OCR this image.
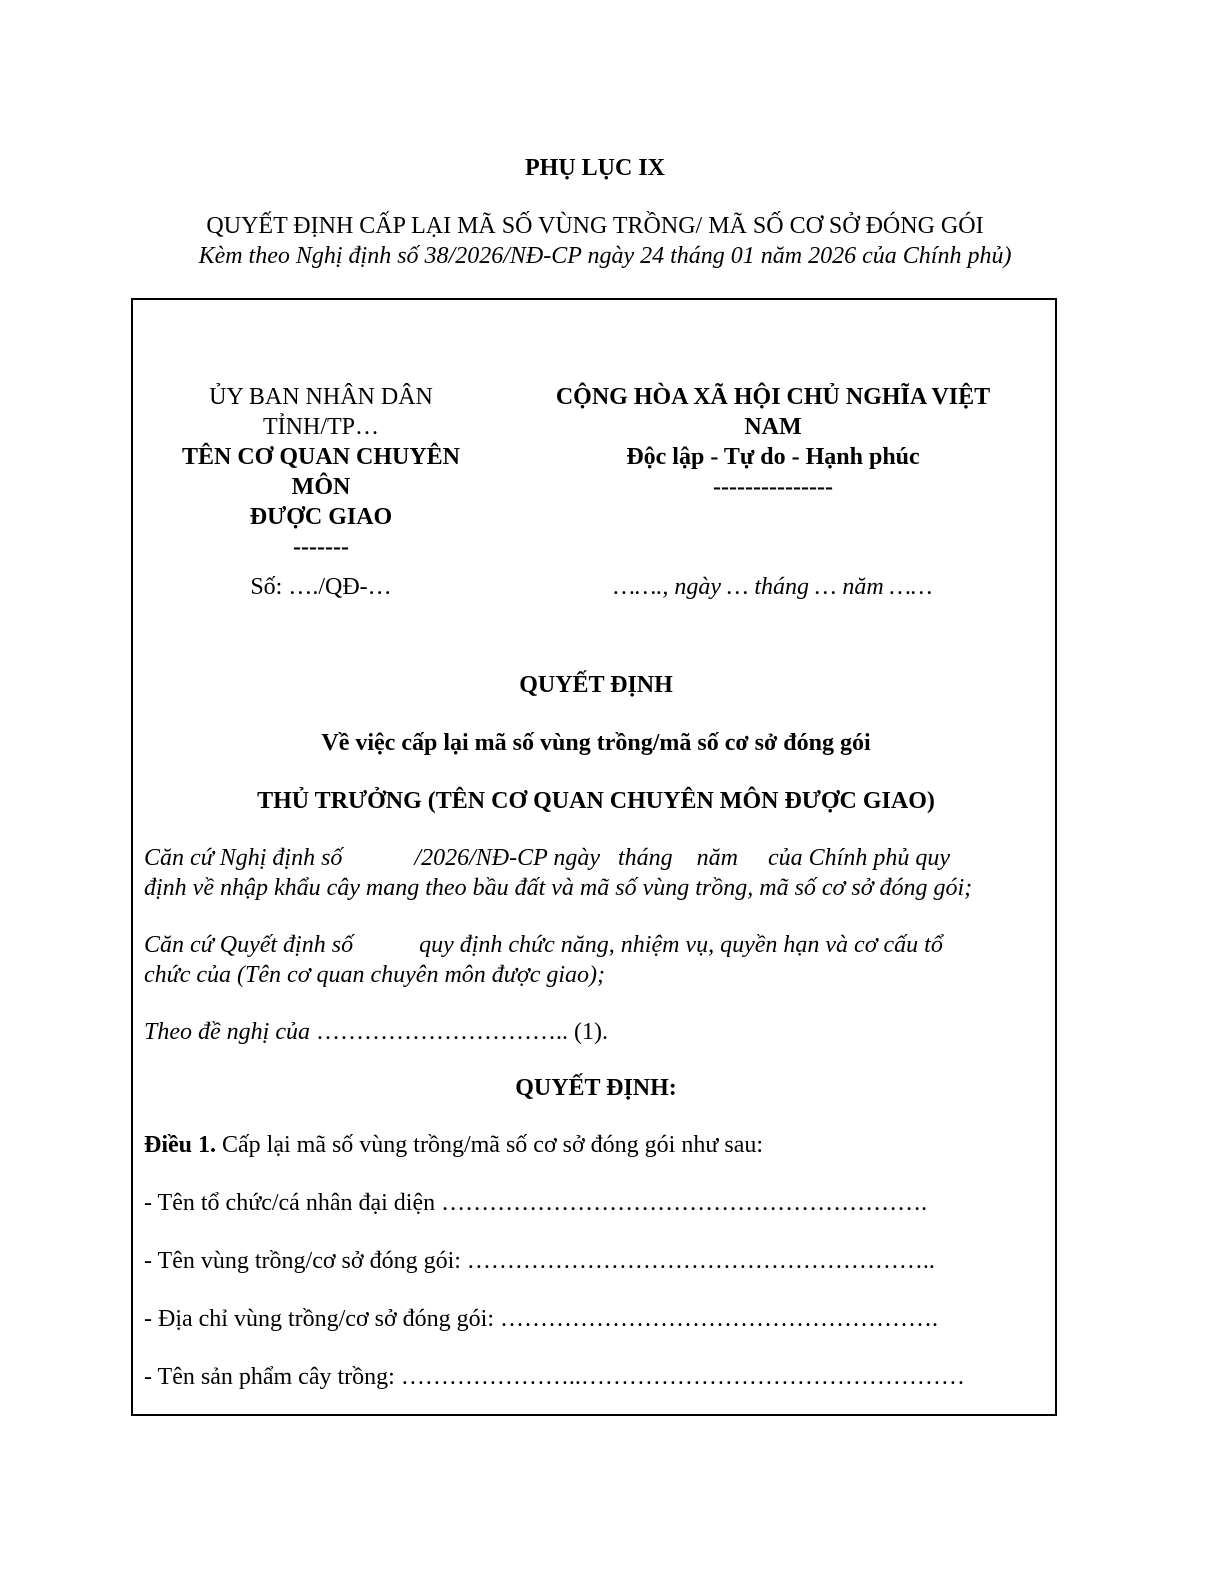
PHỤ LỤC IX
QUYẾT ĐỊNH CẤP LẠI MÃ SỐ VÙNG TRỒNG/ MÃ SỐ CƠ SỞ ĐÓNG GÓI
Kèm theo Nghị định số 38/2026/NĐ-CP ngày 24 tháng 01 năm 2026 của Chính phủ)
ỦY BAN NHÂN DÂN
TỈNH/TP…
TÊN CƠ QUAN CHUYÊN
MÔN
ĐƯỢC GIAO
-------
CỘNG HÒA XÃ HỘI CHỦ NGHĨA VIỆT
NAM
Độc lập - Tự do - Hạnh phúc
---------------
Số: …./QĐ-…	……., ngày … tháng … năm ……
QUYẾT ĐỊNH
Về việc cấp lại mã số vùng trồng/mã số cơ sở đóng gói
THỦ TRƯỞNG (TÊN CƠ QUAN CHUYÊN MÔN ĐƯỢC GIAO)
Căn cứ Nghị định số            /2026/NĐ-CP ngày   tháng    năm     của Chính phủ quy
định về nhập khẩu cây mang theo bầu đất và mã số vùng trồng, mã số cơ sở đóng gói;
Căn cứ Quyết định số           quy định chức năng, nhiệm vụ, quyền hạn và cơ cấu tổ
chức của (Tên cơ quan chuyên môn được giao);
Theo đề nghị của ………………………….. (1).
QUYẾT ĐỊNH:
Điều 1. Cấp lại mã số vùng trồng/mã số cơ sở đóng gói như sau:
- Tên tổ chức/cá nhân đại diện …………………………………………………….
- Tên vùng trồng/cơ sở đóng gói: …………………………………………………..
- Địa chỉ vùng trồng/cơ sở đóng gói: ……………………………………………….
- Tên sản phẩm cây trồng: …………………..…………………………………………
